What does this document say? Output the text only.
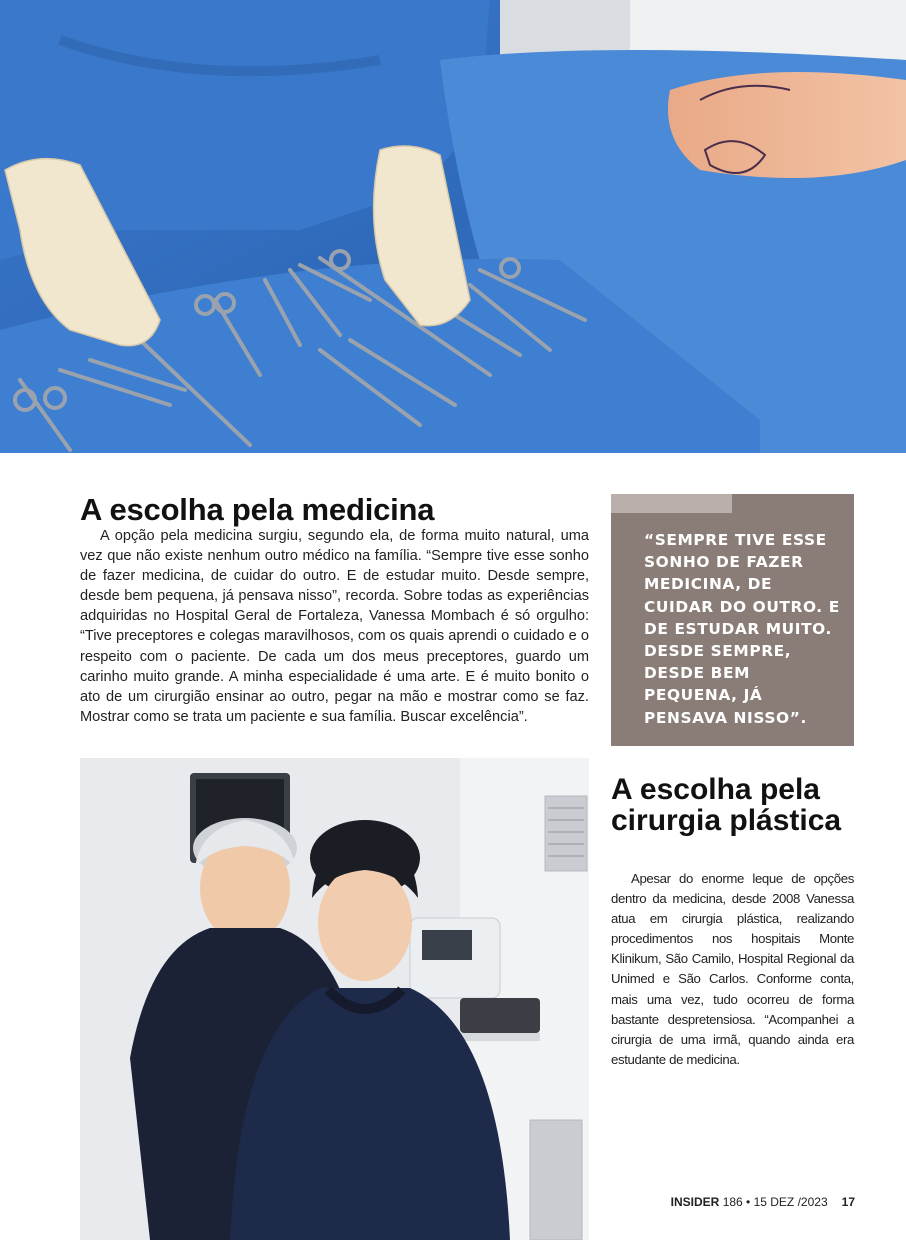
A escolha pela medicina

A opção pela medicina surgiu, segundo ela, de forma muito natural, uma vez que não existe nenhum outro médico na família. “Sempre tive esse sonho de fazer medicina, de cuidar do outro. E de estudar muito. Desde sempre, desde bem pequena, já pensava nisso”, recorda. Sobre todas as experiências adquiridas no Hospital Geral de Fortaleza, Vanessa Mombach é só orgulho: “Tive preceptores e colegas maravilhosos, com os quais aprendi o cuidado e o respeito com o paciente. De cada um dos meus preceptores, guardo um carinho muito grande. A minha especialidade é uma arte. E é muito bonito o ato de um cirurgião ensinar ao outro, pegar na mão e mostrar como se faz. Mostrar como se trata um paciente e sua família. Buscar excelência”.

“SEMPRE TIVE ESSE SONHO DE FAZER MEDICINA, DE CUIDAR DO OUTRO. E DE ESTUDAR MUITO. DESDE SEMPRE, DESDE BEM PEQUENA, JÁ PENSAVA NISSO”.

A escolha pela cirurgia plástica

Apesar do enorme leque de opções dentro da medicina, desde 2008 Vanessa atua em cirurgia plástica, realizando procedimentos nos hospitais Monte Klinikum, São Camilo, Hospital Regional da Unimed e São Carlos. Conforme conta, mais uma vez, tudo ocorreu de forma bastante despretensiosa. “Acompanhei a cirurgia de uma irmã, quando ainda era estudante de medicina.

INSIDER 186 • 15 DEZ /2023 17
